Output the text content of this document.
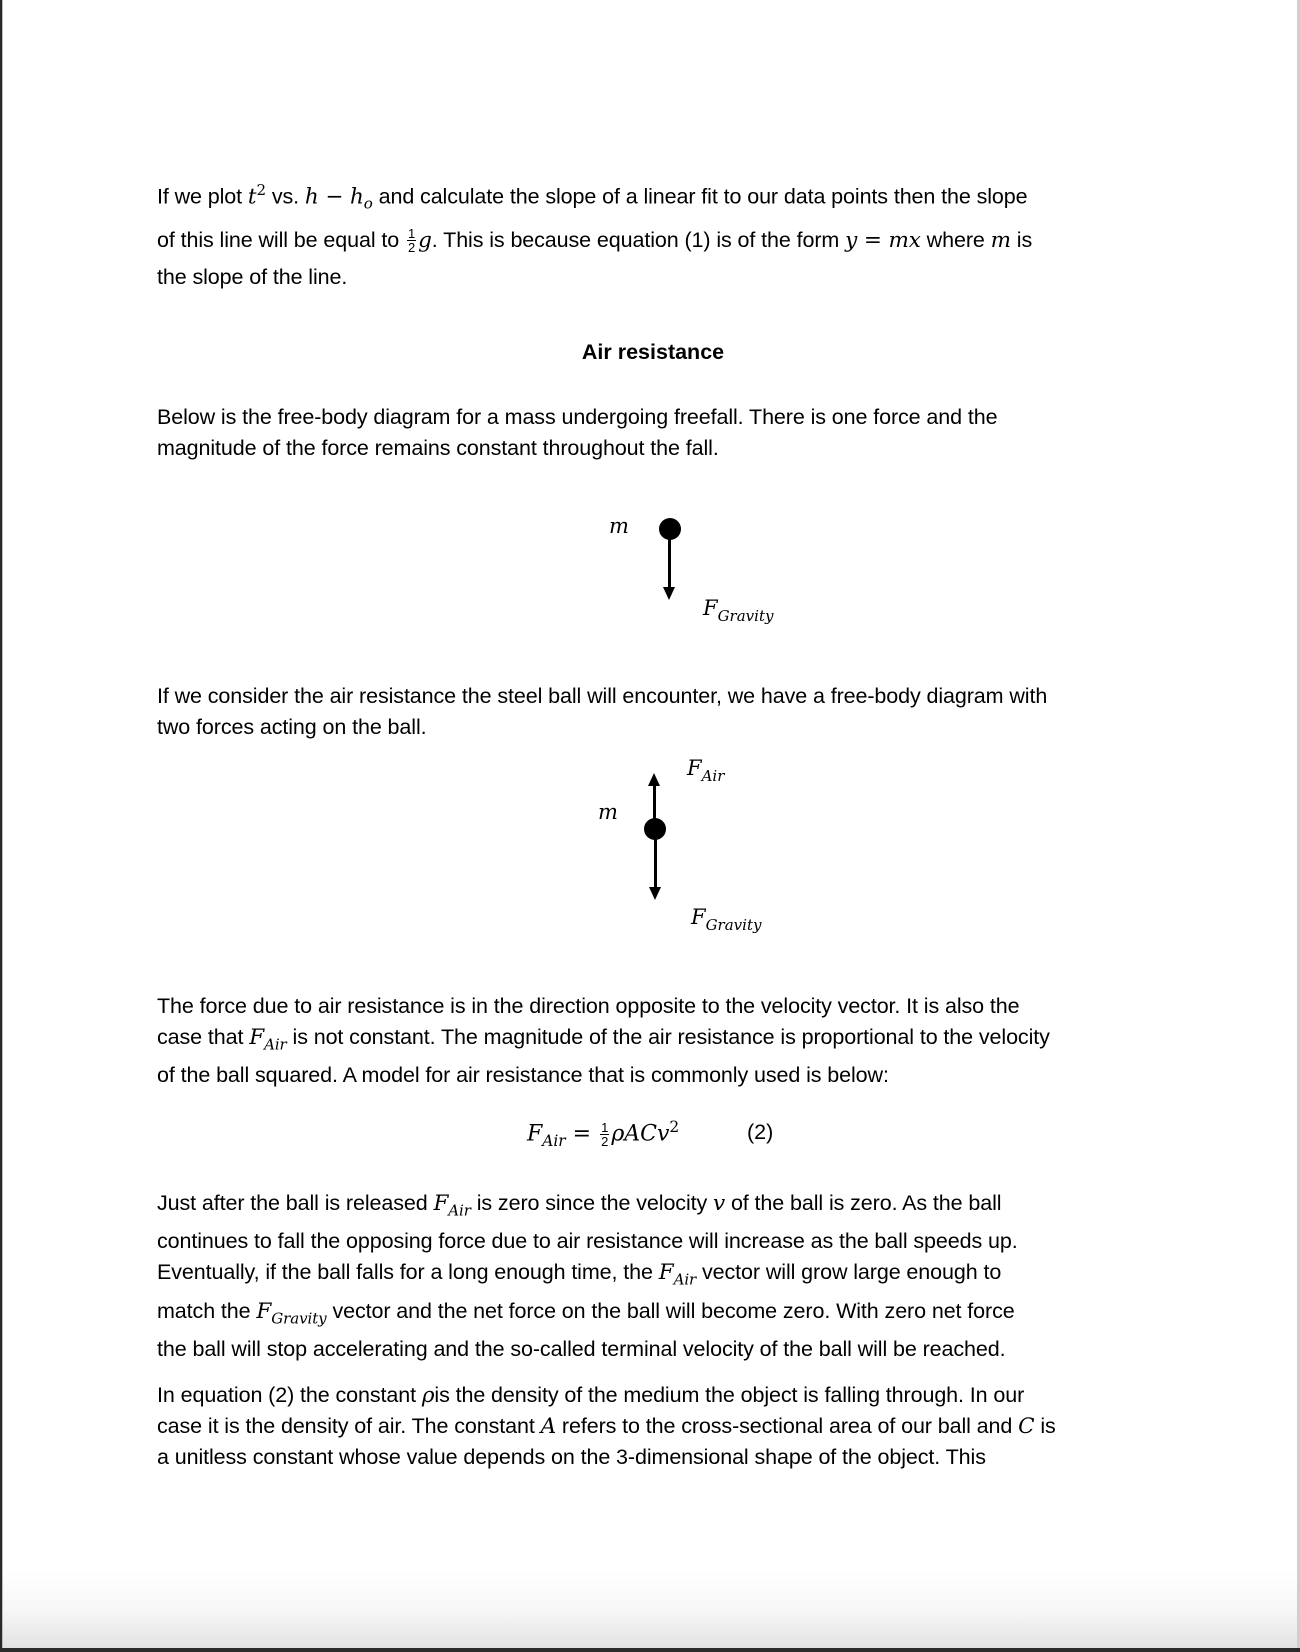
If we plot $t^2$ vs. $h - h_o$ and calculate the slope of a linear fit to our data points then the slope
of this line will be equal to $\frac{1}{2} g$. This is because equation (1) is of the form y = mx where m is
the slope of the line.
Air resistance
Below is the free-body diagram for a mass undergoing freefall. There is one force and the
magnitude of the force remains constant throughout the fall.
m
$F_{Gravity}$
If we consider the air resistance the steel ball will encounter, we have a free-body diagram with
two forces acting on the ball.
$F_{Air}$
m
$F_{Gravity}$
The force due to air resistance is in the direction opposite to the velocity vector. It is also the
case that $F_{Air}$ is not constant. The magnitude of the air resistance is proportional to the velocity
of the ball squared. A model for air resistance that is commonly used is below:
$F_{Air} = \frac{1}{2} \rho ACv^2$	(2)
Just after the ball is released $F_{Air}$ is zero since the velocity v of the ball is zero. As the ball
continues to fall the opposing force due to air resistance will increase as the ball speeds up.
Eventually, if the ball falls for a long enough time, the $F_{Air}$ vector will grow large enough to
match the $F_{Gravity}$ vector and the net force on the ball will become zero. With zero net force
the ball will stop accelerating and the so-called terminal velocity of the ball will be reached.
In equation (2) the constant ρis the density of the medium the object is falling through. In our
case it is the density of air. The constant A refers to the cross-sectional area of our ball and C is
a unitless constant whose value depends on the 3-dimensional shape of the object. This
